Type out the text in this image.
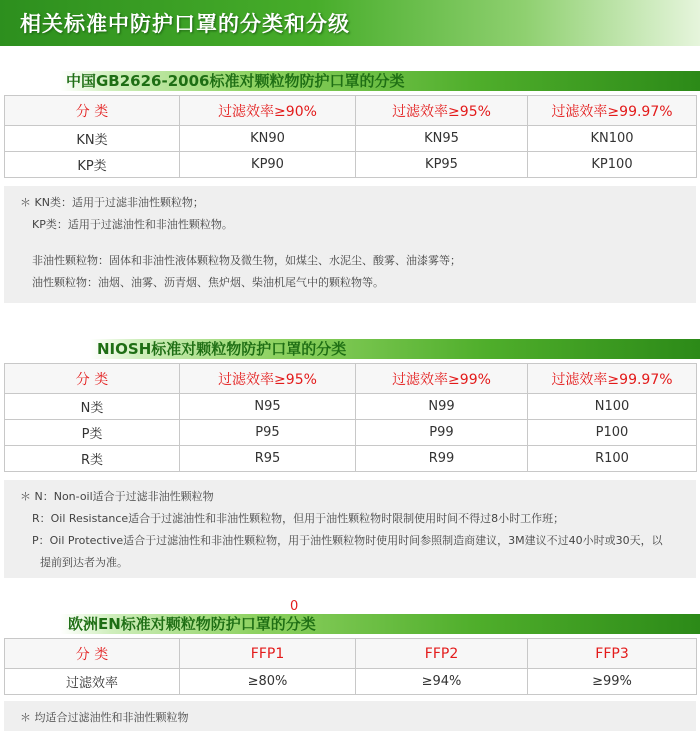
相关标准中防护口罩的分类和分级
中国GB2626-2006标准对颗粒物防护口罩的分类
分 类	过滤效率≥90%	过滤效率≥95%	过滤效率≥99.97%
KN类	KN90	KN95	KN100
KP类	KP90	KP95	KP100
＊ KN类：适用于过滤非油性颗粒物；
KP类：适用于过滤油性和非油性颗粒物。
非油性颗粒物：固体和非油性液体颗粒物及微生物，如煤尘、水泥尘、酸雾、油漆雾等；
油性颗粒物：油烟、油雾、沥青烟、焦炉烟、柴油机尾气中的颗粒物等。
NIOSH标准对颗粒物防护口罩的分类
分 类	过滤效率≥95%	过滤效率≥99%	过滤效率≥99.97%
N类	N95	N99	N100
P类	P95	P99	P100
R类	R95	R99	R100
＊ N：Non-oil适合于过滤非油性颗粒物
R：Oil Resistance适合于过滤油性和非油性颗粒物，但用于油性颗粒物时限制使用时间不得过8小时工作班；
P：Oil Protective适合于过滤油性和非油性颗粒物，用于油性颗粒物时使用时间参照制造商建议，3M建议不过40小时或30天，以
提前到达者为准。
0
欧洲EN标准对颗粒物防护口罩的分类
分 类	FFP1	FFP2	FFP3
过滤效率	≥80%	≥94%	≥99%
＊ 均适合过滤油性和非油性颗粒物
